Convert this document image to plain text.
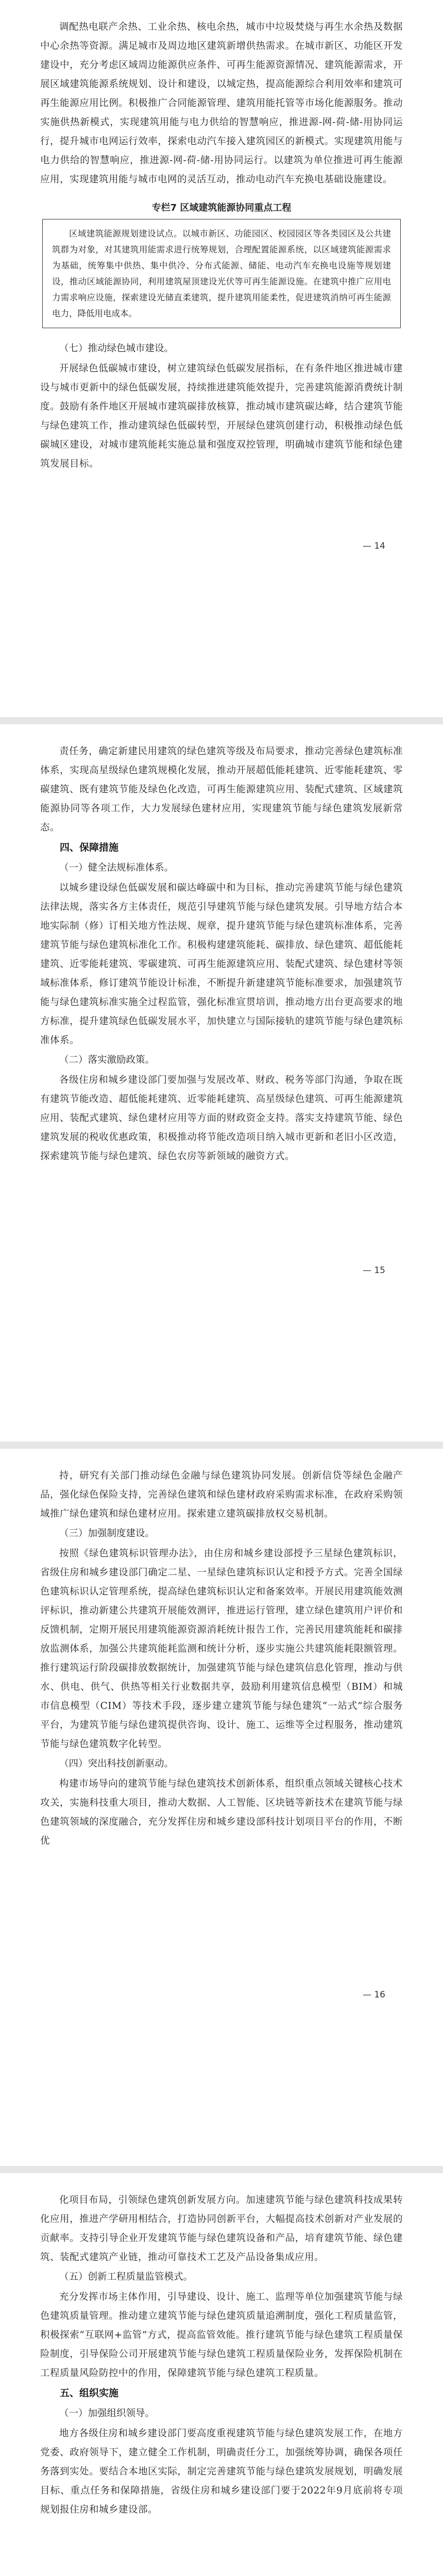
调配热电联产余热、工业余热、核电余热，城市中垃圾焚烧与再生水余热及数据中心余热等资源。满足城市及周边地区建筑新增供热需求。在城市新区、功能区开发建设中，充分考虑区域周边能源供应条件、可再生能源资源情况、建筑能源需求，开展区域建筑能源系统规划、设计和建设，以城定热，提高能源综合利用效率和建筑可再生能源应用比例。积极推广合同能源管理、建筑用能托管等市场化能源服务。推动实施供热新模式，实现建筑用能与电力供给的智慧响应，推进源-网-荷-储-用协同运行，提升城市电网运行效率，探索电动汽车接入建筑园区的新模式。实现建筑用能与电力供给的智慧响应，推进源-网-荷-储-用协同运行。以建筑为单位推进可再生能源应用，实现建筑用能与城市电网的灵活互动，推动电动汽车充换电基础设施建设。

专栏7 区域建筑能源协同重点工程

区域建筑能源规划建设试点。以城市新区、功能园区、校园园区等各类园区及公共建筑群为对象，对其建筑用能需求进行统筹规划，合理配置能源系统，以区域建筑能源需求为基础，统筹集中供热、集中供冷、分布式能源、储能、电动汽车充换电设施等规划建设，推动区域能源协同，利用建筑屋顶建设光伏等可再生能源设施。在建筑中推广应用电力需求响应设施，探索建设光储直柔建筑，提升建筑用能柔性，促进建筑消纳可再生能源电力，降低用电成本。

（七）推动绿色城市建设。

开展绿色低碳城市建设，树立建筑绿色低碳发展指标，在有条件地区推进城市建设与城市更新中的绿色低碳发展，持续推进建筑能效提升，完善建筑能源消费统计制度。鼓励有条件地区开展城市建筑碳排放核算，推动城市建筑碳达峰，结合建筑节能与绿色建筑工作，推动建筑绿色低碳转型，开展绿色建筑创建行动，积极推动绿色低碳城区建设，对城市建筑能耗实施总量和强度双控管理，明确城市建筑节能和绿色建筑发展目标。

— 14

责任务，确定新建民用建筑的绿色建筑等级及布局要求，推动完善绿色建筑标准体系，实现高星级绿色建筑规模化发展，推动开展超低能耗建筑、近零能耗建筑、零碳建筑、既有建筑节能及绿色化改造，可再生能源建筑应用、装配式建筑、区域建筑能源协同等各项工作，大力发展绿色建材应用，实现建筑节能与绿色建筑发展新常态。

四、保障措施

（一）健全法规标准体系。

以城乡建设绿色低碳发展和碳达峰碳中和为目标，推动完善建筑节能与绿色建筑法律法规，落实各方主体责任，规范引导建筑节能与绿色建筑发展。引导地方结合本地实际制（修）订相关地方性法规、规章，提升建筑节能与绿色建筑标准体系，完善建筑节能与绿色建筑标准化工作。积极构建建筑能耗、碳排放、绿色建筑、超低能耗建筑、近零能耗建筑、零碳建筑、可再生能源建筑应用、装配式建筑、绿色建材等领域标准体系，修订建筑节能设计标准，不断提升新建建筑节能标准要求，加强建筑节能与绿色建筑标准实施全过程监管，强化标准宣贯培训，推动地方出台更高要求的地方标准，提升建筑绿色低碳发展水平，加快建立与国际接轨的建筑节能与绿色建筑标准体系。

（二）落实激励政策。

各级住房和城乡建设部门要加强与发展改革、财政、税务等部门沟通，争取在既有建筑节能改造、超低能耗建筑、近零能耗建筑、高星级绿色建筑、可再生能源建筑应用、装配式建筑、绿色建材应用等方面的财政资金支持。落实支持建筑节能、绿色建筑发展的税收优惠政策，积极推动将节能改造项目纳入城市更新和老旧小区改造，探索建筑节能与绿色建筑、绿色农房等新领域的融资方式。

— 15

持，研究有关部门推动绿色金融与绿色建筑协同发展。创新信贷等绿色金融产品，强化绿色保险支持，完善绿色建筑和绿色建材政府采购需求标准，在政府采购领域推广绿色建筑和绿色建材应用。探索建立建筑碳排放权交易机制。

（三）加强制度建设。

按照《绿色建筑标识管理办法》，由住房和城乡建设部授予三星绿色建筑标识，省级住房和城乡建设部门确定二星、一星绿色建筑标识认定和授予方式。完善全国绿色建筑标识认定管理系统，提高绿色建筑标识认定和备案效率。开展民用建筑能效测评标识，推动新建公共建筑开展能效测评，推进运行管理，建立绿色建筑用户评价和反馈机制，定期开展民用建筑能源资源消耗统计报告工作，完善民用建筑能耗和碳排放监测体系，加强公共建筑能耗监测和统计分析，逐步实施公共建筑能耗限额管理。推行建筑运行阶段碳排放数据统计，加强建筑节能与绿色建筑信息化管理，推动与供水、供电、供气、供热等相关行业数据共享，鼓励利用建筑信息模型（BIM）和城市信息模型（CIM）等技术手段，逐步建立建筑节能与绿色建筑“一站式”综合服务平台，为建筑节能与绿色建筑提供咨询、设计、施工、运维等全过程服务，推动建筑节能与绿色建筑数字化转型。

（四）突出科技创新驱动。

构建市场导向的建筑节能与绿色建筑技术创新体系，组织重点领域关键核心技术攻关，实施科技重大项目，推动大数据、人工智能、区块链等新技术在建筑节能与绿色建筑领域的深度融合，充分发挥住房和城乡建设部科技计划项目平台的作用，不断优

— 16

化项目布局，引领绿色建筑创新发展方向。加速建筑节能与绿色建筑科技成果转化应用，推进产学研用相结合，打造协同创新平台，大幅提高技术创新对产业发展的贡献率。支持引导企业开发建筑节能与绿色建筑设备和产品，培育建筑节能、绿色建筑、装配式建筑产业链，推动可靠技术工艺及产品设备集成应用。

（五）创新工程质量监管模式。

充分发挥市场主体作用，引导建设、设计、施工、监理等单位加强建筑节能与绿色建筑质量管理。推动建立建筑节能与绿色建筑质量追溯制度，强化工程质量监管，积极探索“互联网+监管”方式，提高监管效能。推行建筑节能与绿色建筑工程质量保险制度，引导保险公司开展建筑节能与绿色建筑工程质量保险业务，发挥保险机制在工程质量风险防控中的作用，保障建筑节能与绿色建筑工程质量。

五、组织实施

（一）加强组织领导。

地方各级住房和城乡建设部门要高度重视建筑节能与绿色建筑发展工作，在地方党委、政府领导下，建立健全工作机制，明确责任分工，加强统筹协调，确保各项任务落到实处。要结合本地区实际，制定完善建筑节能与绿色建筑发展规划，明确发展目标、重点任务和保障措施，省级住房和城乡建设部门要于2022年9月底前将专项规划报住房和城乡建设部。
